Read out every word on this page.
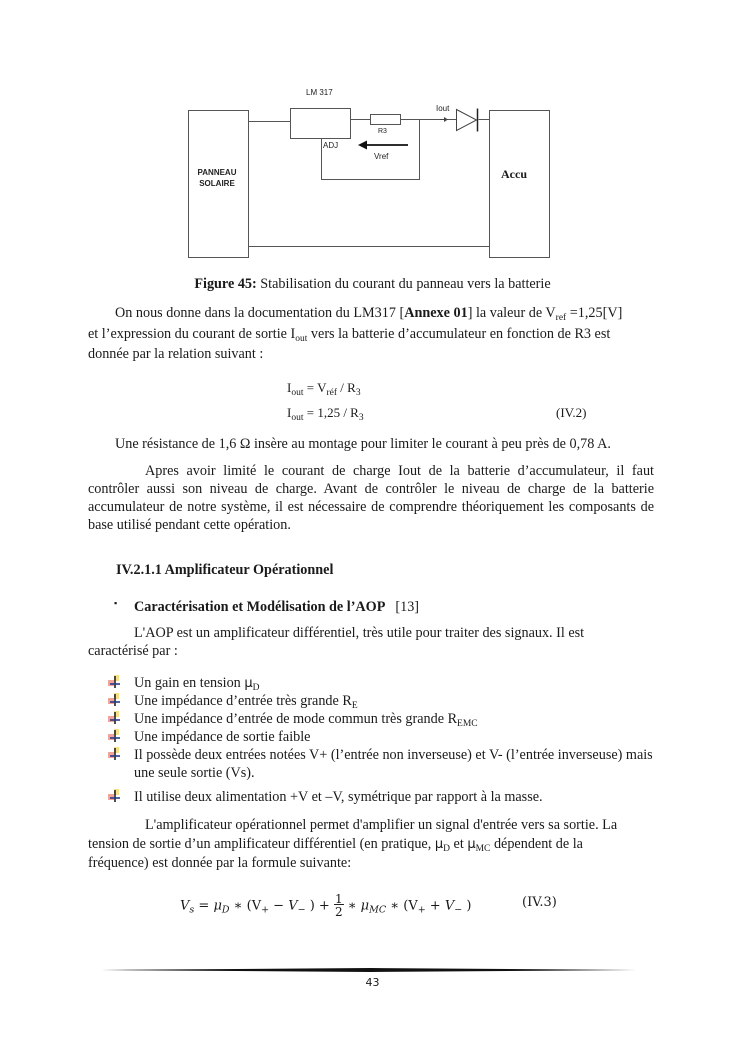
LM 317
R3
ADJ
Vref
Iout
PANNEAU
SOLAIRE
Accu
Figure 45: Stabilisation du courant du panneau vers la batterie
On nous donne dans la documentation du LM317 [Annexe 01] la valeur de $V_{ref} =1,25[V]$
et l’expression du courant de sortie $I_{out}$ vers la batterie d’accumulateur en fonction de R3 est
donnée par la relation suivant :
$I_{out} = V_{réf} / R_3$
$I_{out} = 1,25 / R_3$	(IV.2)
Une résistance de 1,6 Ω insère au montage pour limiter le courant à peu près de 0,78 A.
Apres avoir limité le courant de charge Iout de la batterie d’accumulateur, il faut contrôler aussi son niveau de charge. Avant de contrôler le niveau de charge de la batterie accumulateur de notre système, il est nécessaire de comprendre théoriquement les composants de base utilisé pendant cette opération.
IV.2.1.1 Amplificateur Opérationnel
▪ Caractérisation et Modélisation de l’AOP [13]
L'AOP est un amplificateur différentiel, très utile pour traiter des signaux. Il est
caractérisé par :
Un gain en tension $\mu_D$
Une impédance d’entrée très grande $R_E$
Une impédance d’entrée de mode commun très grande $R_{EMC}$
Une impédance de sortie faible
Il possède deux entrées notées V+ (l’entrée non inverseuse) et V- (l’entrée inverseuse) mais une seule sortie (Vs).
Il utilise deux alimentation +V et –V, symétrique par rapport à la masse.
L'amplificateur opérationnel permet d'amplifier un signal d'entrée vers sa sortie. La
tension de sortie d’un amplificateur différentiel (en pratique, $\mu_D$ et $\mu_{MC}$ dépendent de la
fréquence) est donnée par la formule suivante:
$V_s = \mu_D$ ∗ ($V_+ - V_-$ ) + $\frac{1}{2}$ ∗ $\mu_{MC}$ ∗ ($V_+ + V_-$ )	(IV.3)
43
